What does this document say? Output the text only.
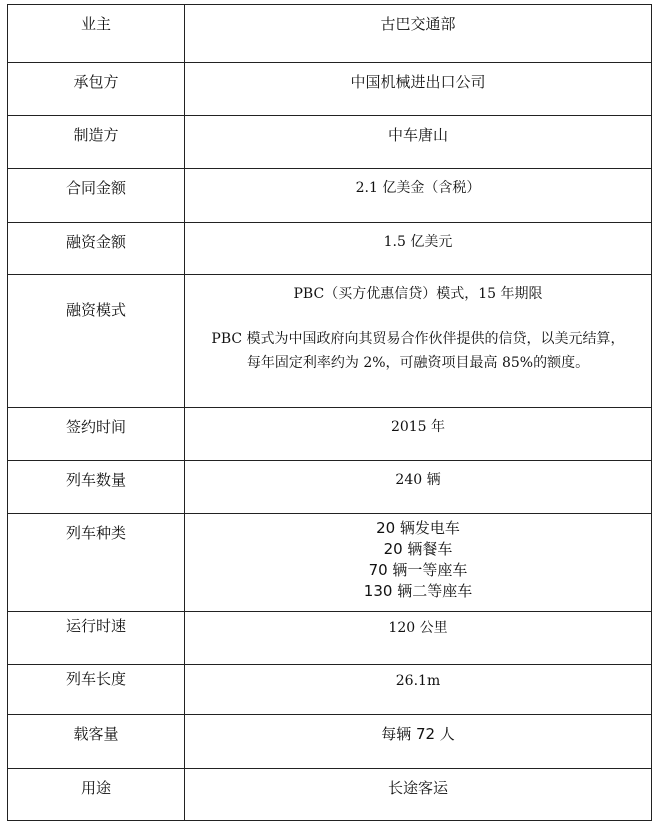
业主	古巴交通部

承包方	中国机械进出口公司

制造方	中车唐山

合同金额	2.1 亿美金（含税）

融资金额	1.5 亿美元

融资模式	PBC（买方优惠信贷）模式，15 年期限
PBC 模式为中国政府向其贸易合作伙伴提供的信贷，以美元结算，
每年固定利率约为 2%，可融资项目最高 85%的额度。

签约时间	2015 年

列车数量	240 辆

列车种类	20 辆发电车
20 辆餐车
70 辆一等座车
130 辆二等座车

运行时速	120 公里

列车长度	26.1m

载客量	每辆 72 人

用途	长途客运
